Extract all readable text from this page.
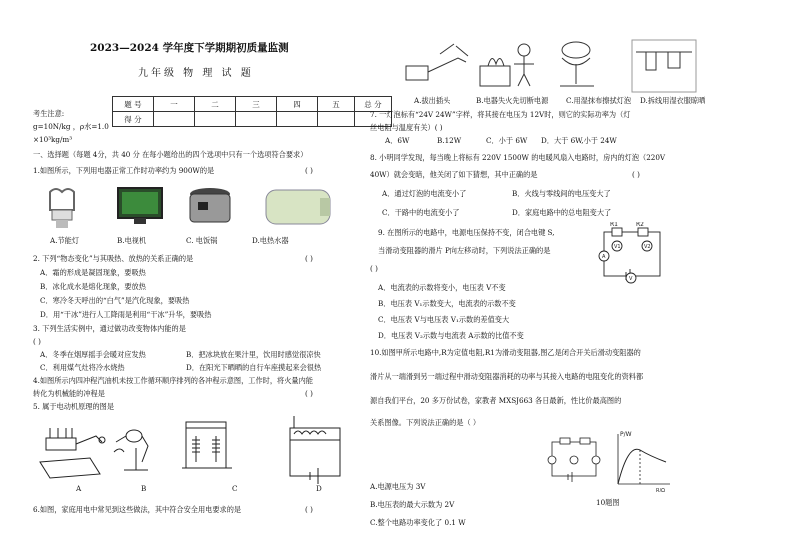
2023—2024 学年度下学期期初质量监测
九年级 物 理 试 题
考生注意:
g=10N/kg ，ρ水=1.0
×10³kg/m³
题 号	一	二	三	四	五	总 分
得 分						
一、选择题（每题 4分，共 40 分 在每小题给出的四个选项中只有一个选项符合要求）
1.如图所示，下列用电器正常工作时功率约为 900W的是	( )
A.节能灯	B.电视机	C. 电饭锅	D.电热水器
2. 下列“物态变化”与其吸热、放热的关系正确的是	( )
A．霜的形成是凝固现象，要吸热
B．冰化成水是熔化现象，要放热
C．寒冷冬天呼出的“白气”是汽化现象，要吸热
D．用“干冰”进行人工降雨是利用“干冰”升华，要吸热
3. 下列生活实例中，通过做功改变物体内能的是
( )
A．冬季在烟厚摇手会暖对应发热	B．把冰块放在果汁里，饮用时感觉很凉快
C．利用煤气灶将冷水烧热	D．在阳光下晒晒的自行车座摸起来会很热
4.如图所示内四冲程汽油机未按工作循环顺序排列的各冲程示意图，工作时，将火量内能
( )
转化为机械能的冲程是
5. 属于电动机原理的图是
A	B	C	D
6.如图，家庭用电中常见到这些做法，其中符合安全用电要求的是	( )
A.拔出插头	B.电器失火先切断电源 C.用湿抹布擦拭灯泡 D.拆线用湿衣服晾晒
7. 一灯泡标有“24V 24W”字样，将其接在电压为 12V时，则它的实际功率为（灯
丝电阻与温度有关）( )
A．6W	B.12W	C．小于 6W D．大于 6W,小于 24W
8. 小明同学发现，每当晚上将标有 220V 1500W 的电暖风扇入电路时，房内的灯泡（220V
40W）就会变暗，他关闭了如下猜想，其中正确的是	( )
A．通过灯泡的电流变小了	B．火线与零线间的电压变大了
C．干路中的电流变小了	D．家庭电路中的总电阻变大了
9. 在图所示的电路中，电源电压保持不变，闭合电键 S,
当滑动变阻器的滑片 P向左移动时，下列说法正确的是
( )
R1	R2
V1	V2
A
V
A．电流表的示数将变小，电压表 V不变
B．电压表 V₁示数变大，电流表的示数不变
C．电压表 V与电压表 V₁示数的差值变大
D．电压表 V₂示数与电流表 A示数的比值不变
10.如图甲所示电路中,R为定值电阻,R1为滑动变阻器,图乙是闭合开关后滑动变阻器的
滑片从一端滑到另一端过程中滑动变阻器消耗的功率与其接入电路的电阻变化的资料都
源自我们平台，20 多万份试卷，家教者 MXSJ663 各日最新，性比价最高图的
关系图像。下列说法正确的是（ ）
P/W
R/Ω
A.电源电压为 3V
10题图
B.电压表的最大示数为 2V
C.整个电路功率变化了 0.1 W
